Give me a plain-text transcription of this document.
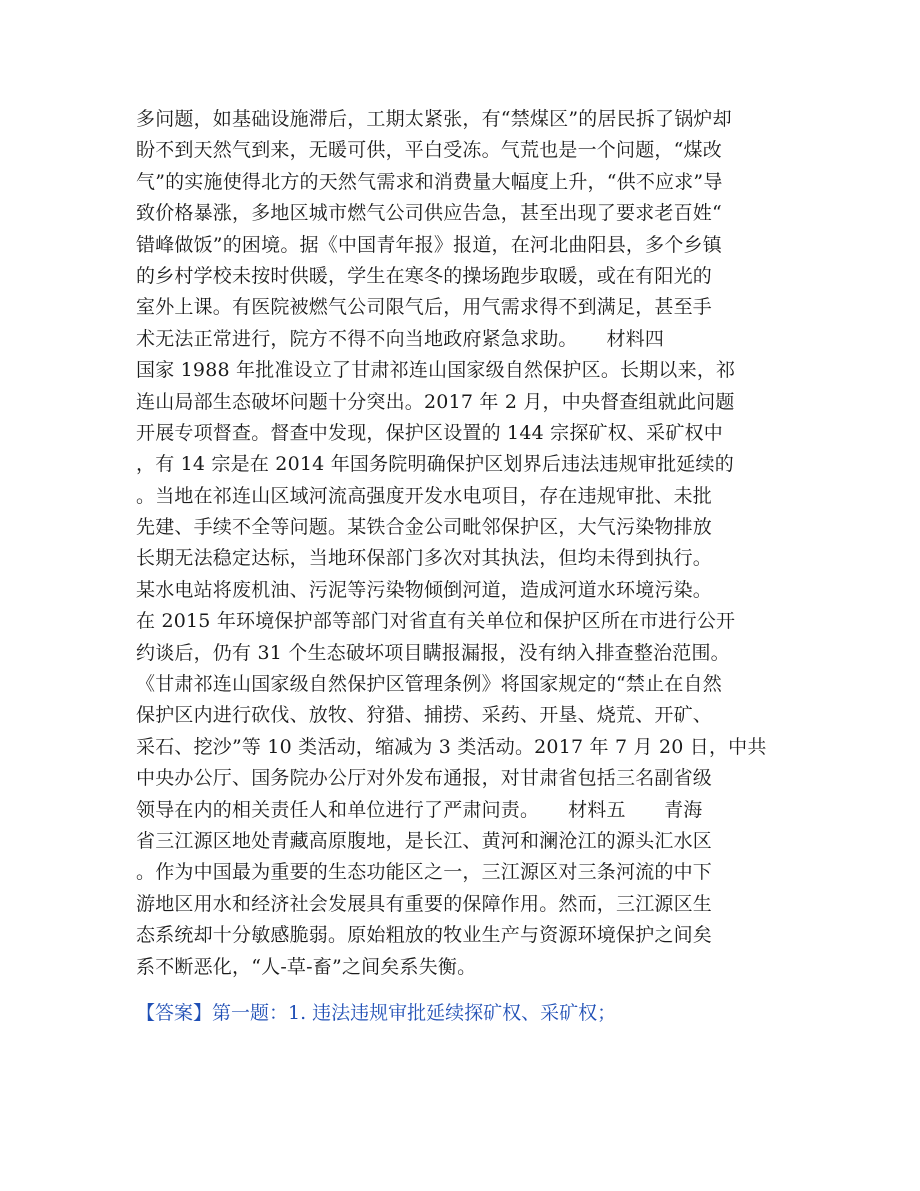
多问题，如基础设施滞后，工期太紧张，有“禁煤区”的居民拆了锅炉却
盼不到天然气到来，无暖可供，平白受冻。气荒也是一个问题，“煤改
气”的实施使得北方的天然气需求和消费量大幅度上升，“供不应求”导
致价格暴涨，多地区城市燃气公司供应告急，甚至出现了要求老百姓“
错峰做饭”的困境。据《中国青年报》报道，在河北曲阳县，多个乡镇
的乡村学校未按时供暖，学生在寒冬的操场跑步取暖，或在有阳光的
室外上课。有医院被燃气公司限气后，用气需求得不到满足，甚至手
术无法正常进行，院方不得不向当地政府紧急求助。　　材料四
国家 1988 年批准设立了甘肃祁连山国家级自然保护区。长期以来，祁
连山局部生态破坏问题十分突出。2017 年 2 月，中央督查组就此问题
开展专项督查。督查中发现，保护区设置的 144 宗探矿权、采矿权中
，有 14 宗是在 2014 年国务院明确保护区划界后违法违规审批延续的
。当地在祁连山区域河流高强度开发水电项目，存在违规审批、未批
先建、手续不全等问题。某铁合金公司毗邻保护区，大气污染物排放
长期无法稳定达标，当地环保部门多次对其执法，但均未得到执行。
某水电站将废机油、污泥等污染物倾倒河道，造成河道水环境污染。
在 2015 年环境保护部等部门对省直有关单位和保护区所在市进行公开
约谈后，仍有 31 个生态破坏项目瞒报漏报，没有纳入排查整治范围。
《甘肃祁连山国家级自然保护区管理条例》将国家规定的“禁止在自然
保护区内进行砍伐、放牧、狩猎、捕捞、采药、开垦、烧荒、开矿、
采石、挖沙”等 10 类活动，缩减为 3 类活动。2017 年 7 月 20 日，中共
中央办公厅、国务院办公厅对外发布通报，对甘肃省包括三名副省级
领导在内的相关责任人和单位进行了严肃问责。　　材料五　　青海
省三江源区地处青藏高原腹地，是长江、黄河和澜沧江的源头汇水区
。作为中国最为重要的生态功能区之一，三江源区对三条河流的中下
游地区用水和经济社会发展具有重要的保障作用。然而，三江源区生
态系统却十分敏感脆弱。原始粗放的牧业生产与资源环境保护之间矣
系不断恶化，“人-草-畜”之间矣系失衡。
【答案】第一题：1. 违法违规审批延续探矿权、采矿权；
